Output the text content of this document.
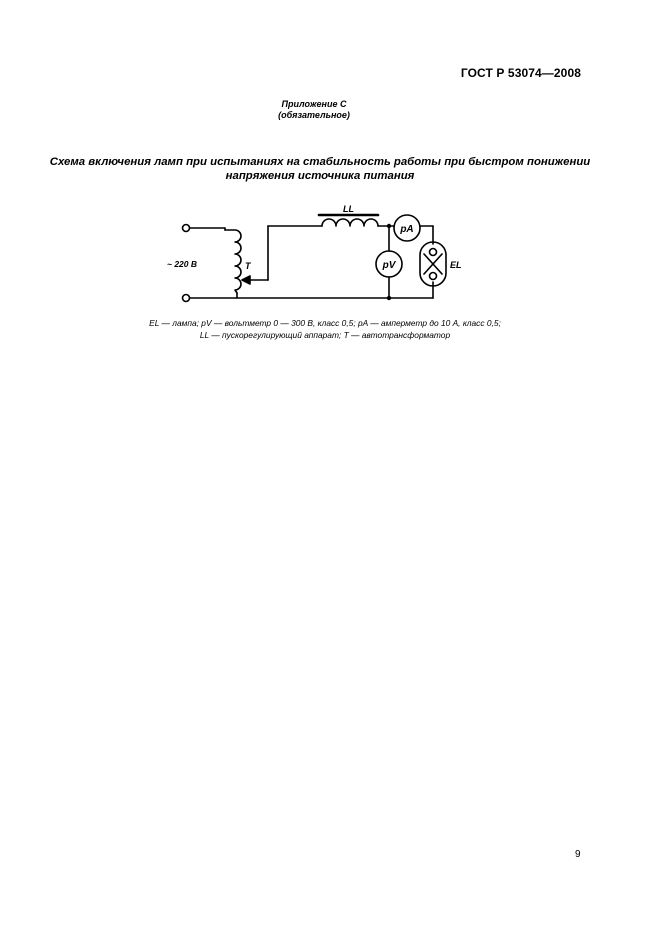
ГОСТ Р 53074—2008
Приложение С
(обязательное)
Схема включения ламп при испытаниях на стабильность работы при быстром понижении
напряжения источника питания
~ 220 В	T
LL
pA
pV	EL
EL — лампа; pV — вольтметр 0 — 300 В, класс 0,5; pA — амперметр до 10 А, класс 0,5;
LL — пускорегулирующий аппарат; T — автотрансформатор
9
